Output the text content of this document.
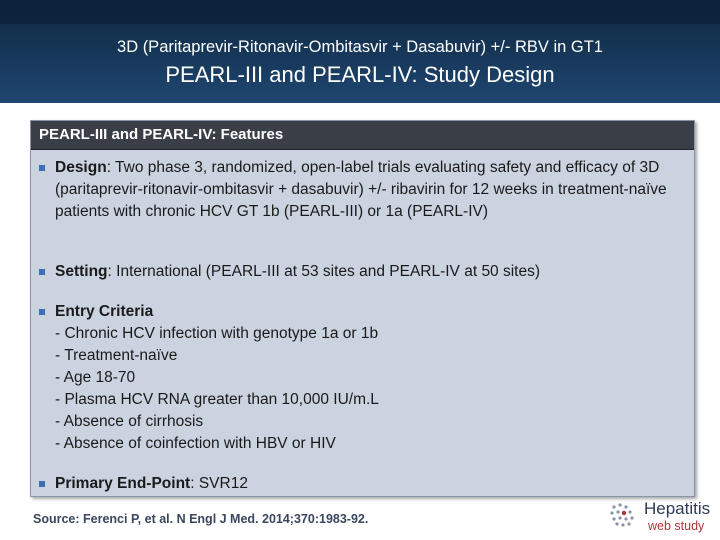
3D (Paritaprevir-Ritonavir-Ombitasvir + Dasabuvir) +/- RBV in GT1
PEARL-III and PEARL-IV: Study Design
PEARL-III and PEARL-IV: Features
Design: Two phase 3, randomized, open-label trials evaluating safety and efficacy of 3D (paritaprevir-ritonavir-ombitasvir + dasabuvir) +/- ribavirin for 12 weeks in treatment-naïve patients with chronic HCV GT 1b (PEARL-III) or 1a (PEARL-IV)
Setting: International (PEARL-III at 53 sites and PEARL-IV at 50 sites)
Entry Criteria
- Chronic HCV infection with genotype 1a or 1b
- Treatment-naïve
- Age 18-70
- Plasma HCV RNA greater than 10,000 IU/m.L
- Absence of cirrhosis
- Absence of coinfection with HBV or HIV
Primary End-Point: SVR12
Source: Ferenci P, et al. N Engl J Med. 2014;370:1983-92.
Hepatitis
web study
